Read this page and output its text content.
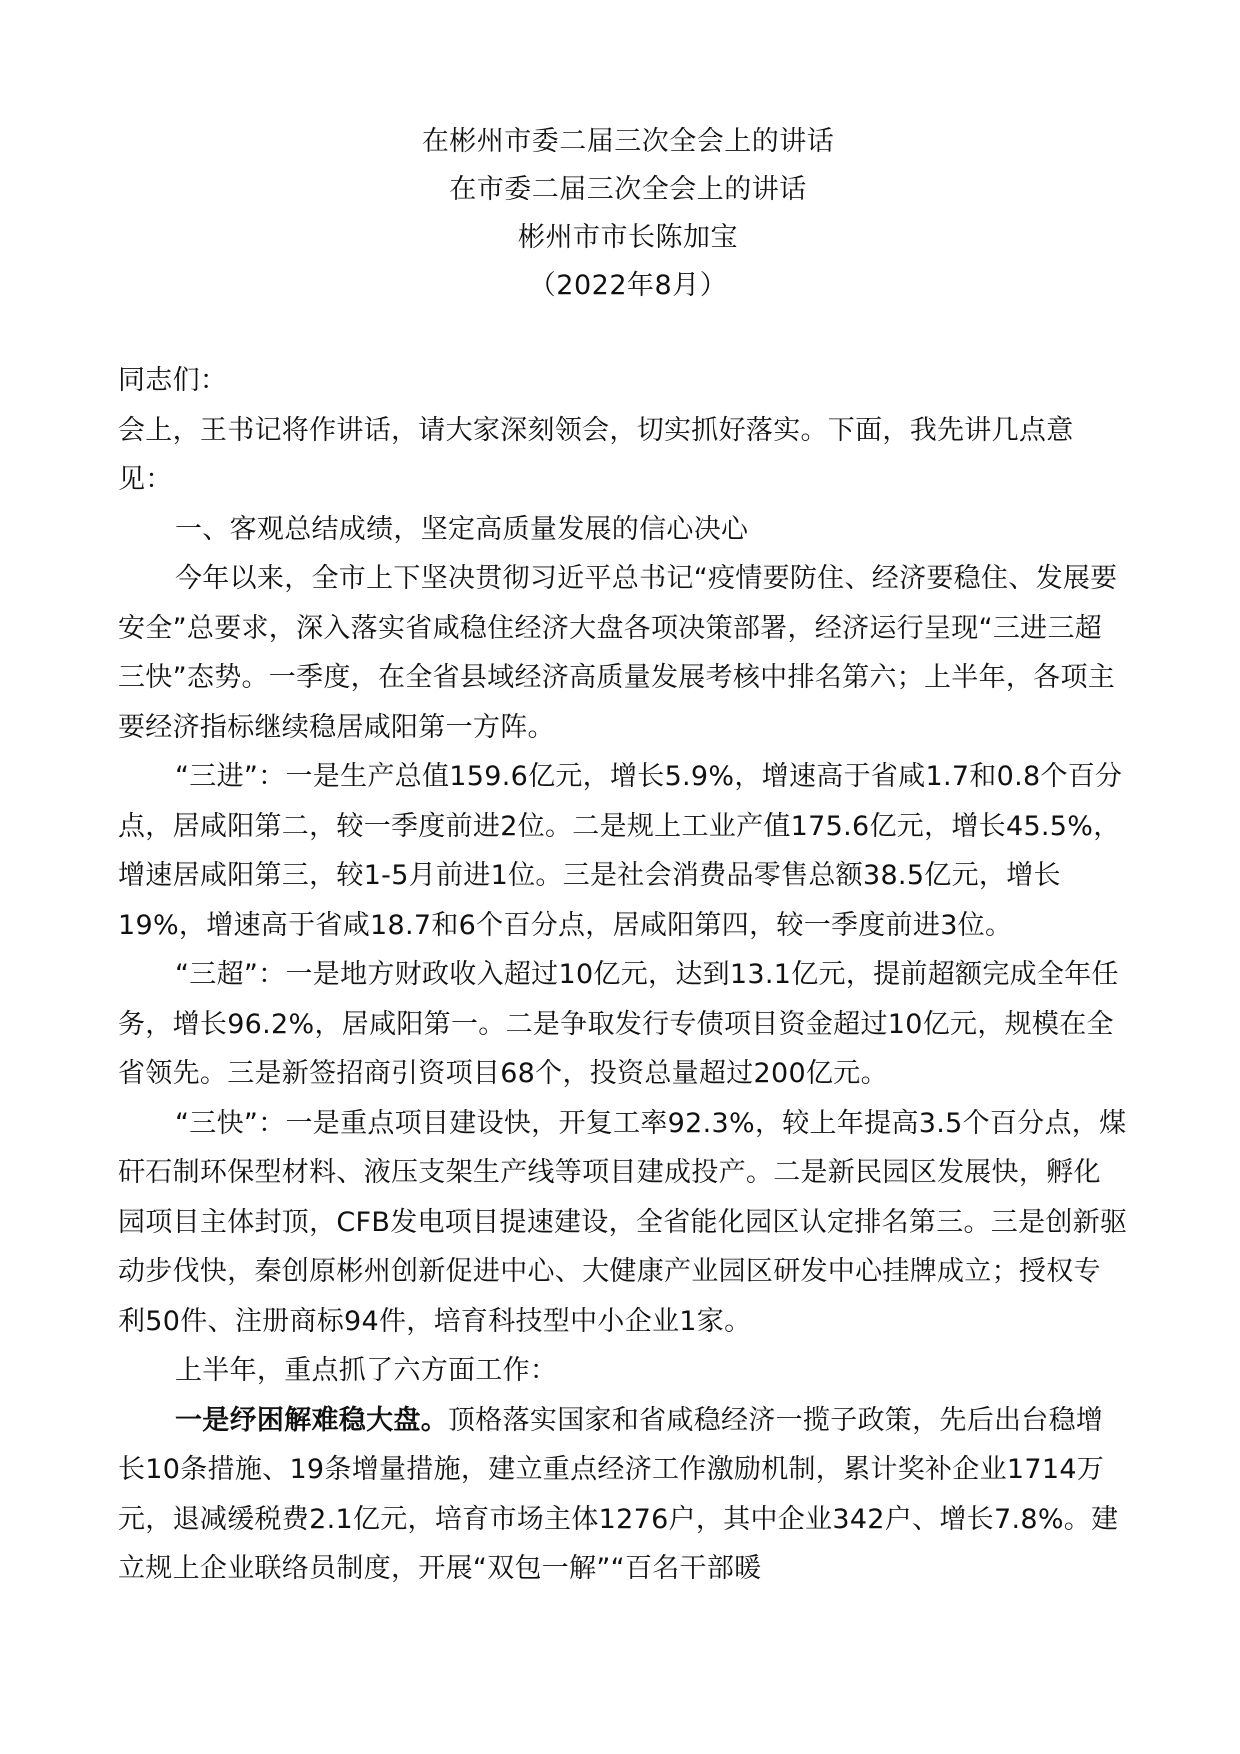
在彬州市委二届三次全会上的讲话
在市委二届三次全会上的讲话
彬州市市长陈加宝
（2022年8月）

同志们：

会上，王书记将作讲话，请大家深刻领会，切实抓好落实。下面，我先讲几点意见：

一、客观总结成绩，坚定高质量发展的信心决心

今年以来，全市上下坚决贯彻习近平总书记“疫情要防住、经济要稳住、发展要安全”总要求，深入落实省咸稳住经济大盘各项决策部署，经济运行呈现“三进三超三快”态势。一季度，在全省县域经济高质量发展考核中排名第六；上半年，各项主要经济指标继续稳居咸阳第一方阵。

“三进”：一是生产总值159.6亿元，增长5.9%，增速高于省咸1.7和0.8个百分点，居咸阳第二，较一季度前进2位。二是规上工业产值175.6亿元，增长45.5%，增速居咸阳第三，较1-5月前进1位。三是社会消费品零售总额38.5亿元，增长19%，增速高于省咸18.7和6个百分点，居咸阳第四，较一季度前进3位。

“三超”：一是地方财政收入超过10亿元，达到13.1亿元，提前超额完成全年任务，增长96.2%，居咸阳第一。二是争取发行专债项目资金超过10亿元，规模在全省领先。三是新签招商引资项目68个，投资总量超过200亿元。

“三快”：一是重点项目建设快，开复工率92.3%，较上年提高3.5个百分点，煤矸石制环保型材料、液压支架生产线等项目建成投产。二是新民园区发展快，孵化园项目主体封顶，CFB发电项目提速建设，全省能化园区认定排名第三。三是创新驱动步伐快，秦创原彬州创新促进中心、大健康产业园区研发中心挂牌成立；授权专利50件、注册商标94件，培育科技型中小企业1家。

上半年，重点抓了六方面工作：

一是纾困解难稳大盘。顶格落实国家和省咸稳经济一揽子政策，先后出台稳增长10条措施、19条增量措施，建立重点经济工作激励机制，累计奖补企业1714万元，退减缓税费2.1亿元，培育市场主体1276户，其中企业342户、增长7.8%。建立规上企业联络员制度，开展“双包一解”“百名干部暖
